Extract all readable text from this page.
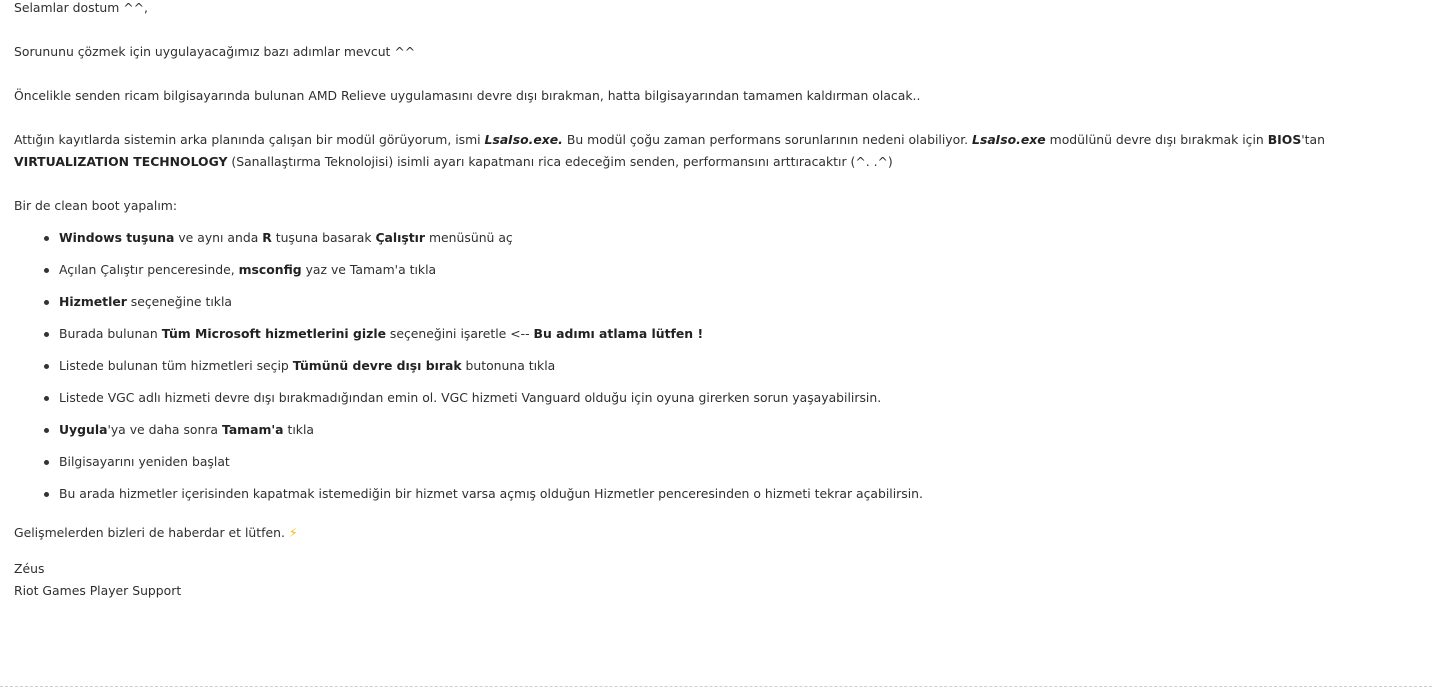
Selamlar dostum ^^,

Sorununu çözmek için uygulayacağımız bazı adımlar mevcut ^^

Öncelikle senden ricam bilgisayarında bulunan AMD Relieve uygulamasını devre dışı bırakman, hatta bilgisayarından tamamen kaldırman olacak..

Attığın kayıtlarda sistemin arka planında çalışan bir modül görüyorum, ismi LsaIso.exe. Bu modül çoğu zaman performans sorunlarının nedeni olabiliyor. LsaIso.exe modülünü devre dışı bırakmak için BIOS'tan VIRTUALIZATION TECHNOLOGY (Sanallaştırma Teknolojisi) isimli ayarı kapatmanı rica edeceğim senden, performansını arttıracaktır (^. .^)

Bir de clean boot yapalım:

Windows tuşuna ve aynı anda R tuşuna basarak Çalıştır menüsünü aç
Açılan Çalıştır penceresinde, msconfig yaz ve Tamam'a tıkla
Hizmetler seçeneğine tıkla
Burada bulunan Tüm Microsoft hizmetlerini gizle seçeneğini işaretle <-- Bu adımı atlama lütfen !
Listede bulunan tüm hizmetleri seçip Tümünü devre dışı bırak butonuna tıkla
Listede VGC adlı hizmeti devre dışı bırakmadığından emin ol. VGC hizmeti Vanguard olduğu için oyuna girerken sorun yaşayabilirsin.
Uygula'ya ve daha sonra Tamam'a tıkla
Bilgisayarını yeniden başlat
Bu arada hizmetler içerisinden kapatmak istemediğin bir hizmet varsa açmış olduğun Hizmetler penceresinden o hizmeti tekrar açabilirsin.

Gelişmelerden bizleri de haberdar et lütfen. ⚡

Zéus

Riot Games Player Support
